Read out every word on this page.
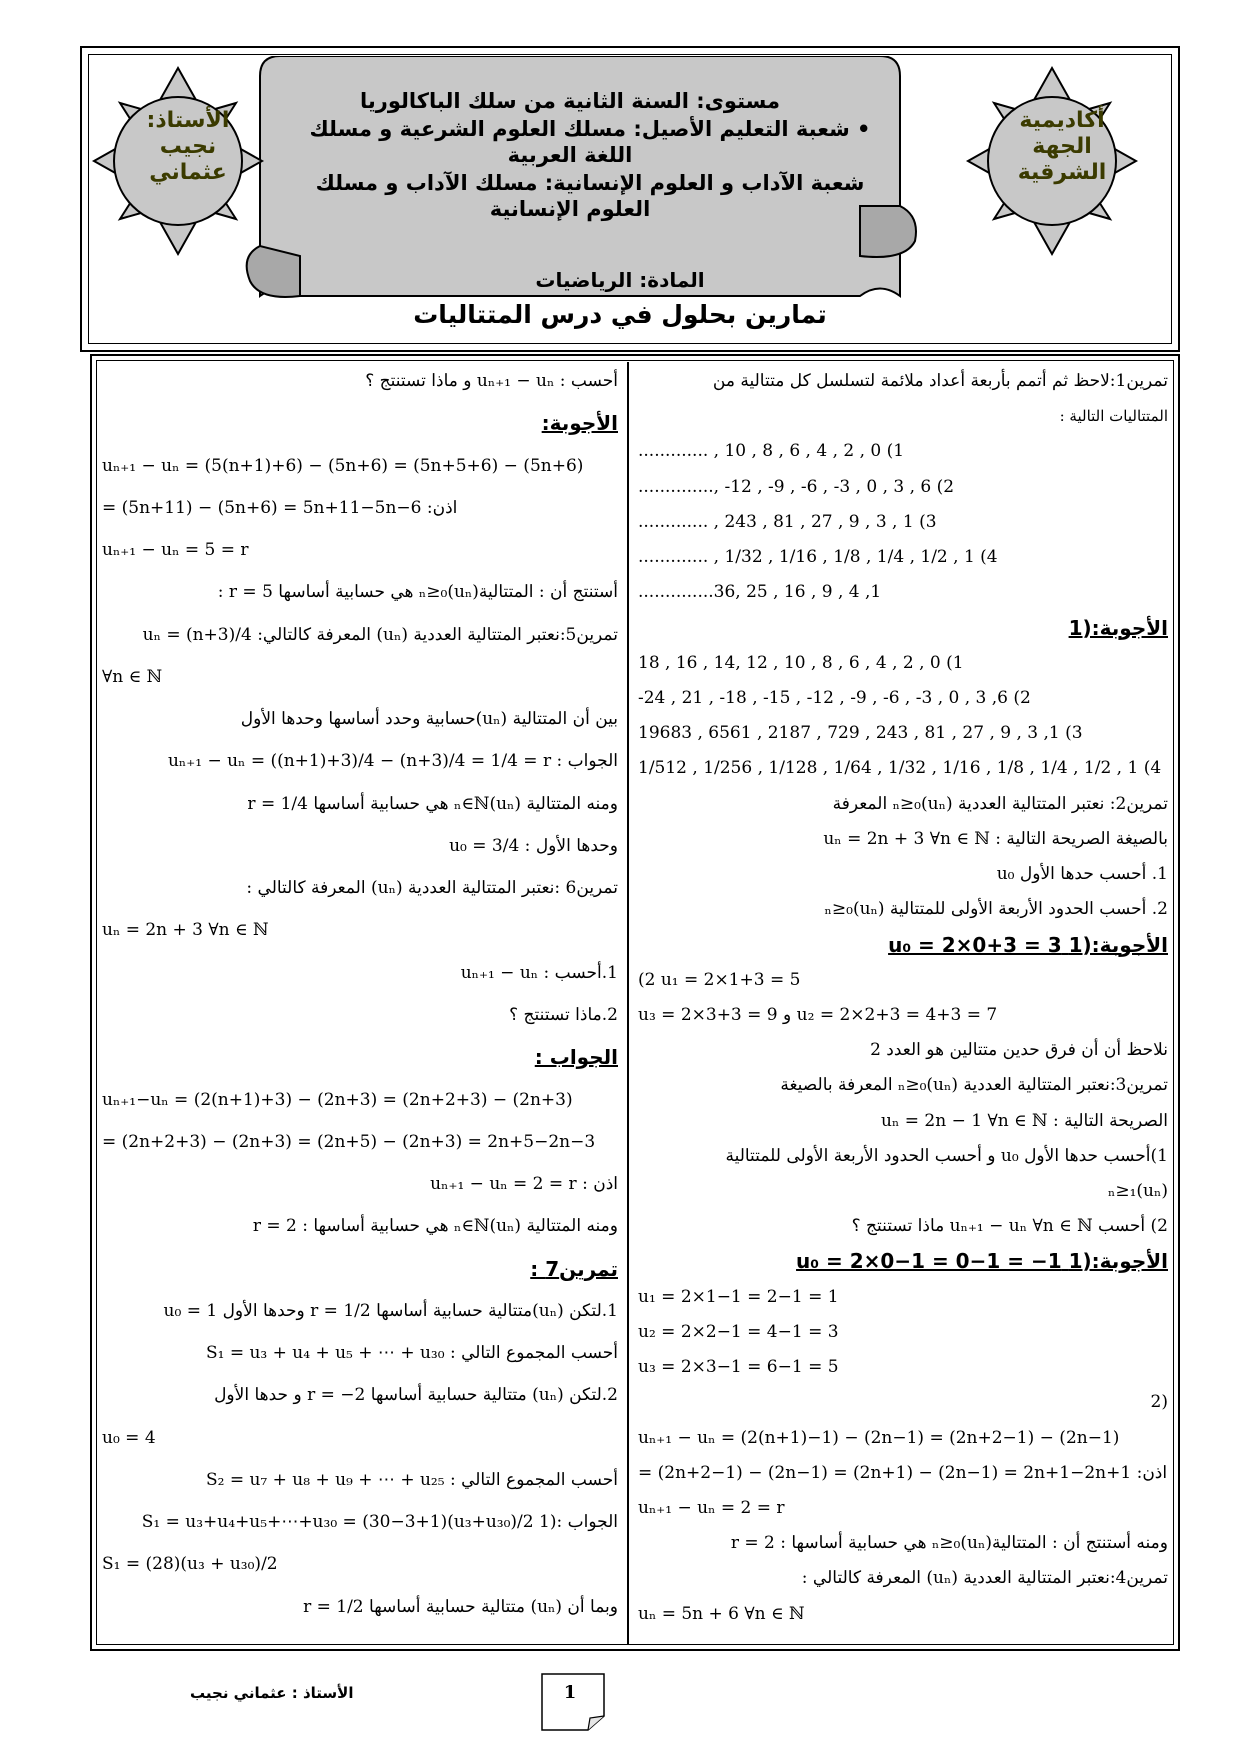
الأستاذ: نجيب عثماني
أكاديمية الجهة الشرقية
مستوى: السنة الثانية من سلك الباكالوريا
• شعبة التعليم الأصيل: مسلك العلوم الشرعية و مسلك
اللغة العربية
شعبة الآداب و العلوم الإنسانية: مسلك الآداب و مسلك
العلوم الإنسانية
المادة: الرياضيات
تمارين بحلول في درس المتتاليات
تمرين1:لاحظ ثم أتمم بأربعة أعداد ملائمة لتسلسل كل متتالية من
المتتاليات التالية :
............. , 10 , 8 , 6 , 4 , 2 , 0 (1
.............., -12 , -9 , -6 , -3 , 0 , 3 , 6 (2
............. , 243 , 81 , 27 , 9 , 3 , 1 (3
............. , 1/32 , 1/16 , 1/8 , 1/4 , 1/2 , 1 (4
..............36, 25 , 16 , 9 , 4 ,1
الأجوبة:(1
18 , 16 , 14, 12 , 10 , 8 , 6 , 4 , 2 , 0 (1
-24 , 21 , -18 , -15 , -12 , -9 , -6 , -3 , 0 , 3 ,6 (2
19683 , 6561 , 2187 , 729 , 243 , 81 , 27 , 9 , 3 ,1 (3
1/512 , 1/256 , 1/128 , 1/64 , 1/32 , 1/16 , 1/8 , 1/4 , 1/2 , 1 (4
تمرين2: نعتبر المتتالية العددية (uₙ)ₙ≥₀ المعرفة
بالصيغة الصريحة التالية : uₙ = 2n + 3 ∀n ∈ ℕ
1. أحسب حدها الأول u₀
2. أحسب الحدود الأربعة الأولى للمتتالية (uₙ)ₙ≥₀
الأجوبة:(1 u₀ = 2×0+3 = 3
(2 u₁ = 2×1+3 = 5
u₃ = 2×3+3 = 9 و u₂ = 2×2+3 = 4+3 = 7
نلاحظ أن أن فرق حدين متتالين هو العدد 2
تمرين3:نعتبر المتتالية العددية (uₙ)ₙ≥₀ المعرفة بالصيغة
الصريحة التالية : uₙ = 2n − 1 ∀n ∈ ℕ
1)أحسب حدها الأول u₀ و أحسب الحدود الأربعة الأولى للمتتالية
(uₙ)ₙ≥₁
2) أحسب uₙ₊₁ − uₙ ∀n ∈ ℕ ماذا تستنتج ؟
الأجوبة:(1 u₀ = 2×0−1 = 0−1 = −1
u₁ = 2×1−1 = 2−1 = 1
u₂ = 2×2−1 = 4−1 = 3
u₃ = 2×3−1 = 6−1 = 5
(2
uₙ₊₁ − uₙ = (2(n+1)−1) − (2n−1) = (2n+2−1) − (2n−1)
= (2n+2−1) − (2n−1) = (2n+1) − (2n−1) = 2n+1−2n+1 :اذن
uₙ₊₁ − uₙ = 2 = r
ومنه أستنتج أن : المتتالية(uₙ)ₙ≥₀ هي حسابية أساسها : r = 2
تمرين4:نعتبر المتتالية العددية (uₙ) المعرفة كالتالي :
uₙ = 5n + 6 ∀n ∈ ℕ
أحسب : uₙ₊₁ − uₙ و ماذا تستنتج ؟
الأجوبة:
uₙ₊₁ − uₙ = (5(n+1)+6) − (5n+6) = (5n+5+6) − (5n+6)
= (5n+11) − (5n+6) = 5n+11−5n−6 :اذن
uₙ₊₁ − uₙ = 5 = r
أستنتج أن : المتتالية(uₙ)ₙ≥₀ هي حسابية أساسها r = 5 :
تمرين5:نعتبر المتتالية العددية (uₙ) المعرفة كالتالي: uₙ = (n+3)/4
∀n ∈ ℕ
بين أن المتتالية (uₙ)حسابية وحدد أساسها وحدها الأول
الجواب : uₙ₊₁ − uₙ = ((n+1)+3)/4 − (n+3)/4 = 1/4 = r
ومنه المتتالية (uₙ)ₙ∈ℕ هي حسابية أساسها 1/4 = r
وحدها الأول : u₀ = 3/4
تمرين6 :نعتبر المتتالية العددية (uₙ) المعرفة كالتالي :
uₙ = 2n + 3 ∀n ∈ ℕ
1.أحسب : uₙ₊₁ − uₙ
2.ماذا تستنتج ؟
الجواب :
uₙ₊₁−uₙ = (2(n+1)+3) − (2n+3) = (2n+2+3) − (2n+3)
= (2n+2+3) − (2n+3) = (2n+5) − (2n+3) = 2n+5−2n−3
اذن : uₙ₊₁ − uₙ = 2 = r
ومنه المتتالية (uₙ)ₙ∈ℕ هي حسابية أساسها : r = 2
تمرين7 :
1.لتكن (uₙ)متتالية حسابية أساسها r = 1/2 وحدها الأول u₀ = 1
أحسب المجموع التالي : S₁ = u₃ + u₄ + u₅ + ⋯ + u₃₀
2.لتكن (uₙ) متتالية حسابية أساسها r = −2 و حدها الأول
u₀ = 4
أحسب المجموع التالي : S₂ = u₇ + u₈ + u₉ + ⋯ + u₂₅
الجواب :(1 S₁ = u₃+u₄+u₅+⋯+u₃₀ = (30−3+1)(u₃+u₃₀)/2
S₁ = (28)(u₃ + u₃₀)/2
وبما أن (uₙ) متتالية حسابية أساسها r = 1/2
الأستاذ : عثماني نجيب	1
